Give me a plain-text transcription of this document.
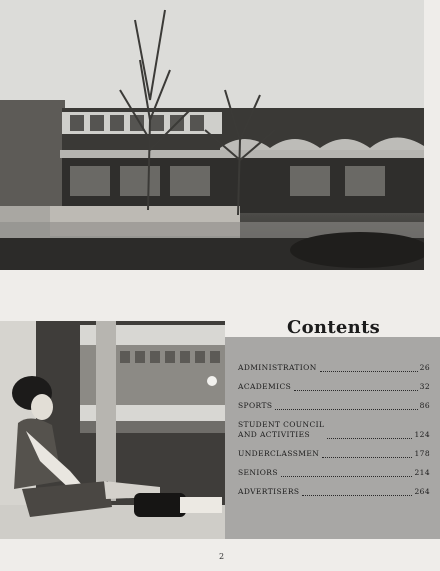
Contents
ADMINISTRATION	26
ACADEMICS	32
SPORTS	86
STUDENT COUNCIL
AND ACTIVITIES	124
UNDERCLASSMEN	178
SENIORS	214
ADVERTISERS	264
2
